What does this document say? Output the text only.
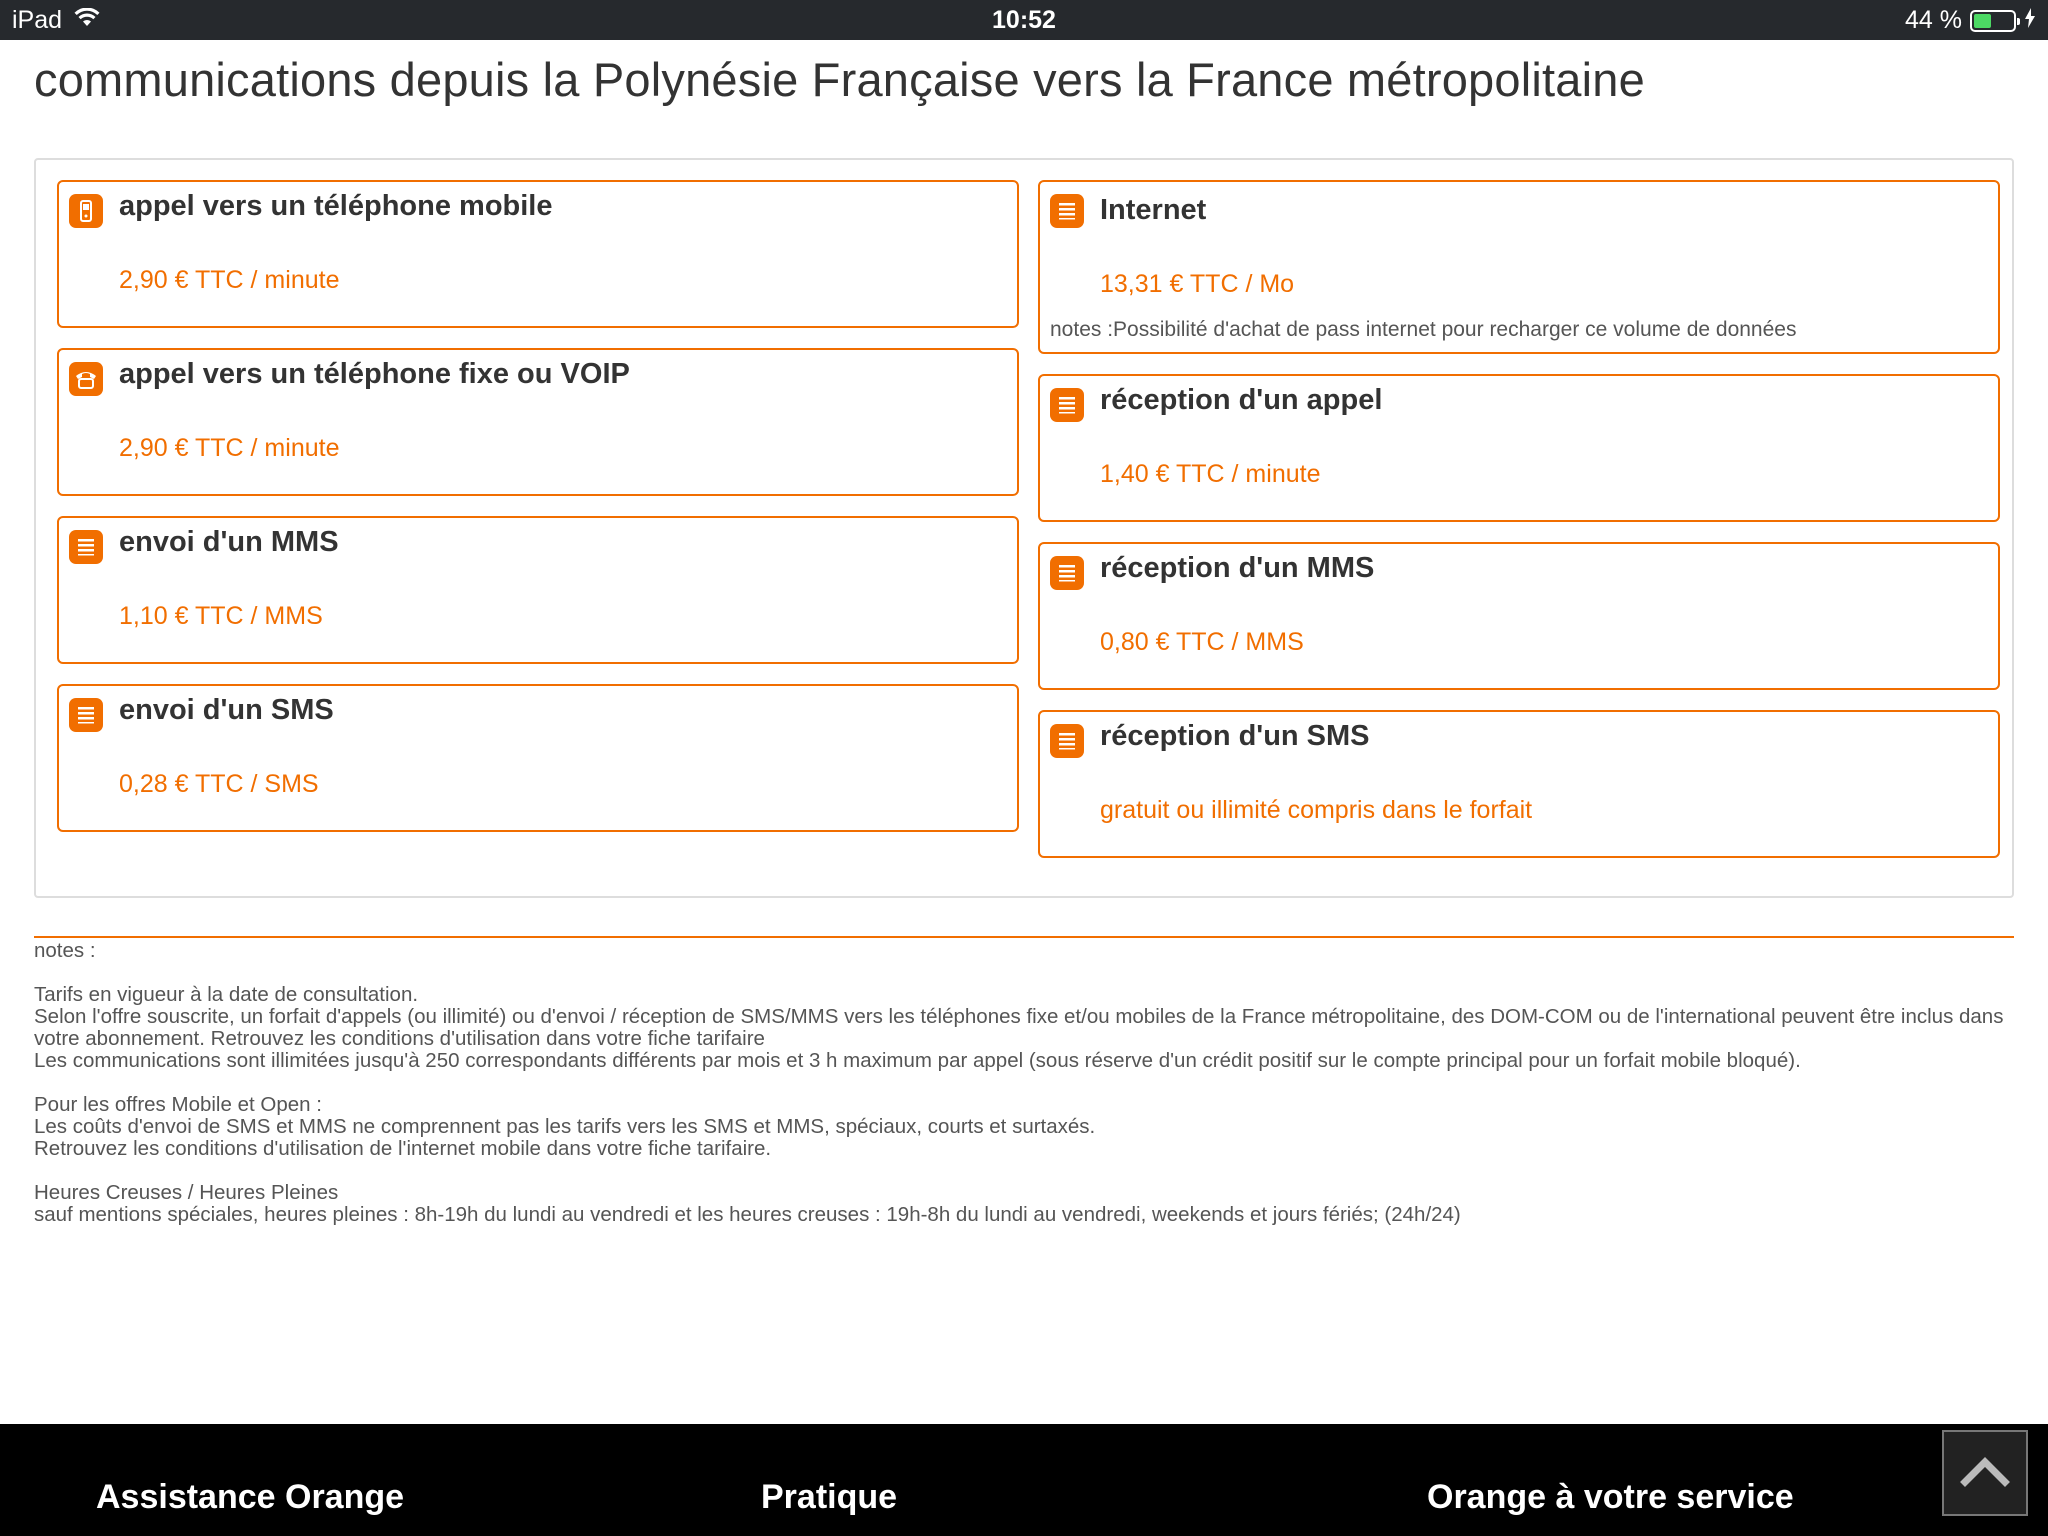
iPad	10:52	44 %
communications depuis la Polynésie Française vers la France métropolitaine
appel vers un téléphone mobile
2,90 € TTC / minute
appel vers un téléphone fixe ou VOIP
2,90 € TTC / minute
envoi d'un MMS
1,10 € TTC / MMS
envoi d'un SMS
0,28 € TTC / SMS
Internet
13,31 € TTC / Mo
notes :Possibilité d'achat de pass internet pour recharger ce volume de données
réception d'un appel
1,40 € TTC / minute
réception d'un MMS
0,80 € TTC / MMS
réception d'un SMS
gratuit ou illimité compris dans le forfait

notes :

Tarifs en vigueur à la date de consultation.

Selon l'offre souscrite, un forfait d'appels (ou illimité) ou d'envoi / réception de SMS/MMS vers les téléphones fixe et/ou mobiles de la France métropolitaine, des DOM-COM ou de l'international peuvent être inclus dans votre abonnement. Retrouvez les conditions d'utilisation dans votre fiche tarifaire

Les communications sont illimitées jusqu'à 250 correspondants différents par mois et 3 h maximum par appel (sous réserve d'un crédit positif sur le compte principal pour un forfait mobile bloqué).

Pour les offres Mobile et Open :

Les coûts d'envoi de SMS et MMS ne comprennent pas les tarifs vers les SMS et MMS, spéciaux, courts et surtaxés.

Retrouvez les conditions d'utilisation de l'internet mobile dans votre fiche tarifaire.

Heures Creuses / Heures Pleines

sauf mentions spéciales, heures pleines : 8h-19h du lundi au vendredi et les heures creuses : 19h-8h du lundi au vendredi, weekends et jours fériés; (24h/24)

Assistance Orange	Pratique	Orange à votre service
